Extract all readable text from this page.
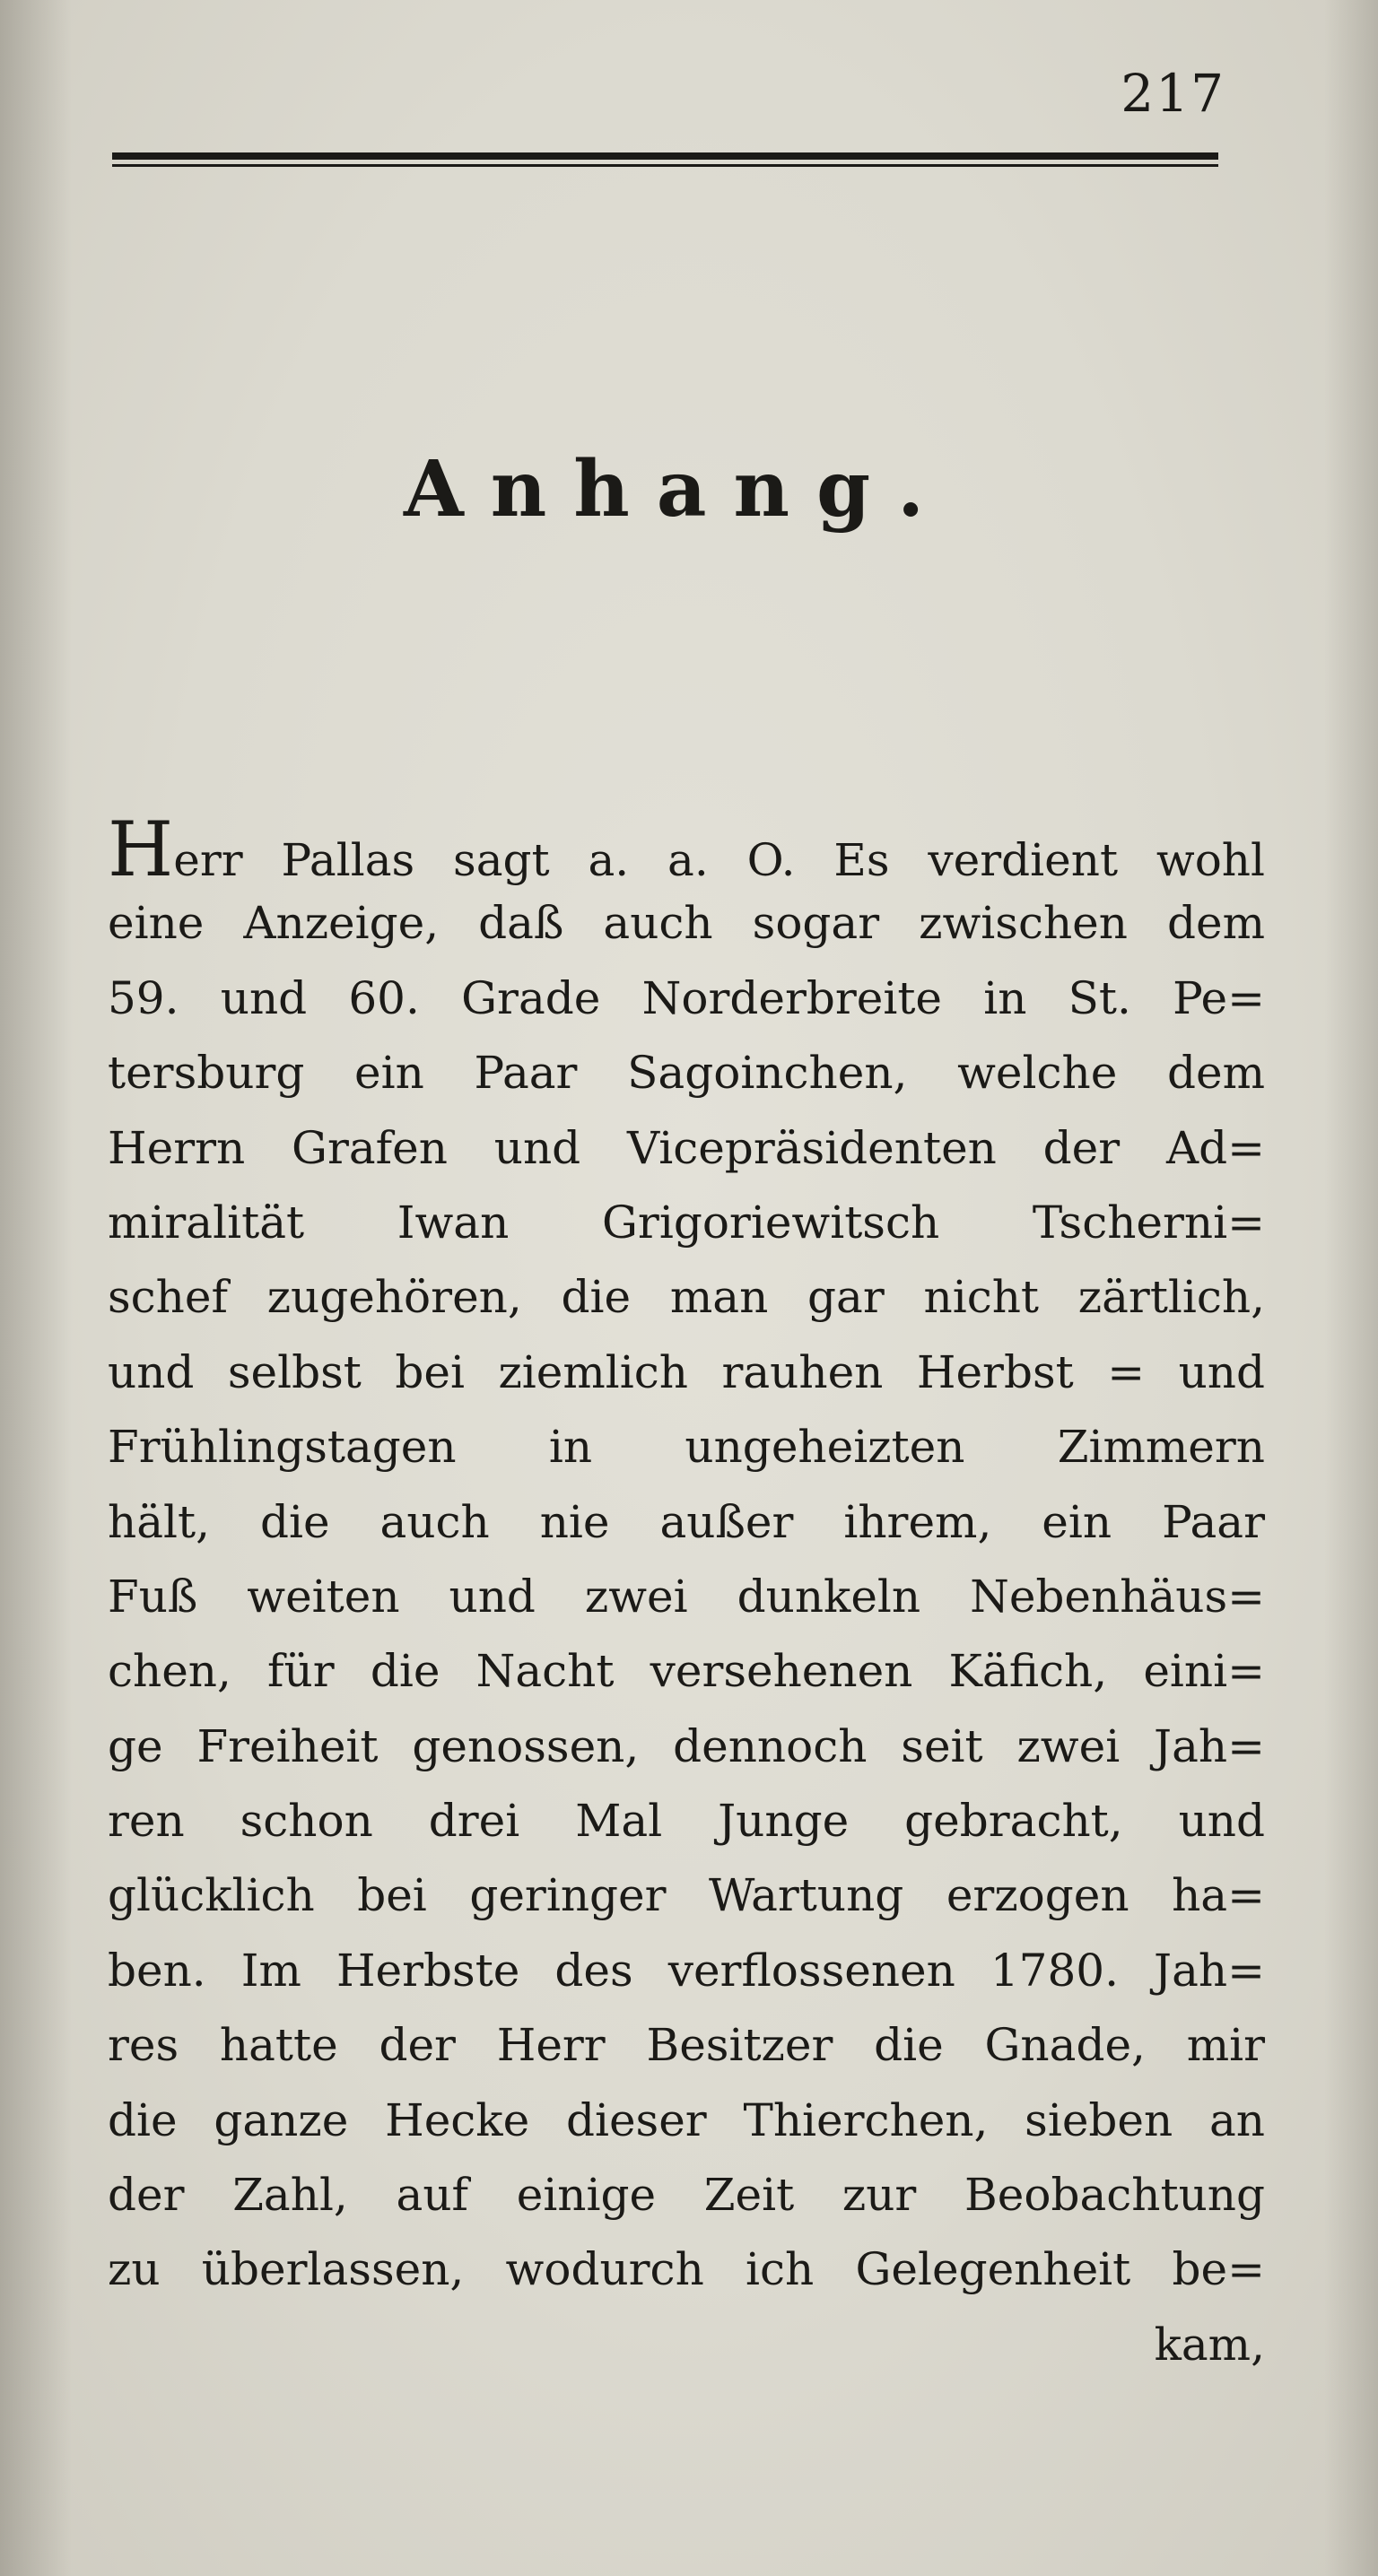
217
Anhang.
Herr Pallas sagt a. a. O. Es verdient wohl
eine Anzeige, daß auch sogar zwischen dem
59. und 60. Grade Norderbreite in St. Pe=
tersburg ein Paar Sagoinchen, welche dem
Herrn Grafen und Vicepräsidenten der Ad=
miralität Iwan Grigoriewitsch Tscherni=
schef zugehören, die man gar nicht zärtlich,
und selbst bei ziemlich rauhen Herbst = und
Frühlingstagen in ungeheizten Zimmern
hält, die auch nie außer ihrem, ein Paar
Fuß weiten und zwei dunkeln Nebenhäus=
chen, für die Nacht versehenen Käfich, eini=
ge Freiheit genossen, dennoch seit zwei Jah=
ren schon drei Mal Junge gebracht, und
glücklich bei geringer Wartung erzogen ha=
ben. Im Herbste des verflossenen 1780. Jah=
res hatte der Herr Besitzer die Gnade, mir
die ganze Hecke dieser Thierchen, sieben an
der Zahl, auf einige Zeit zur Beobachtung
zu überlassen, wodurch ich Gelegenheit be=
kam,
